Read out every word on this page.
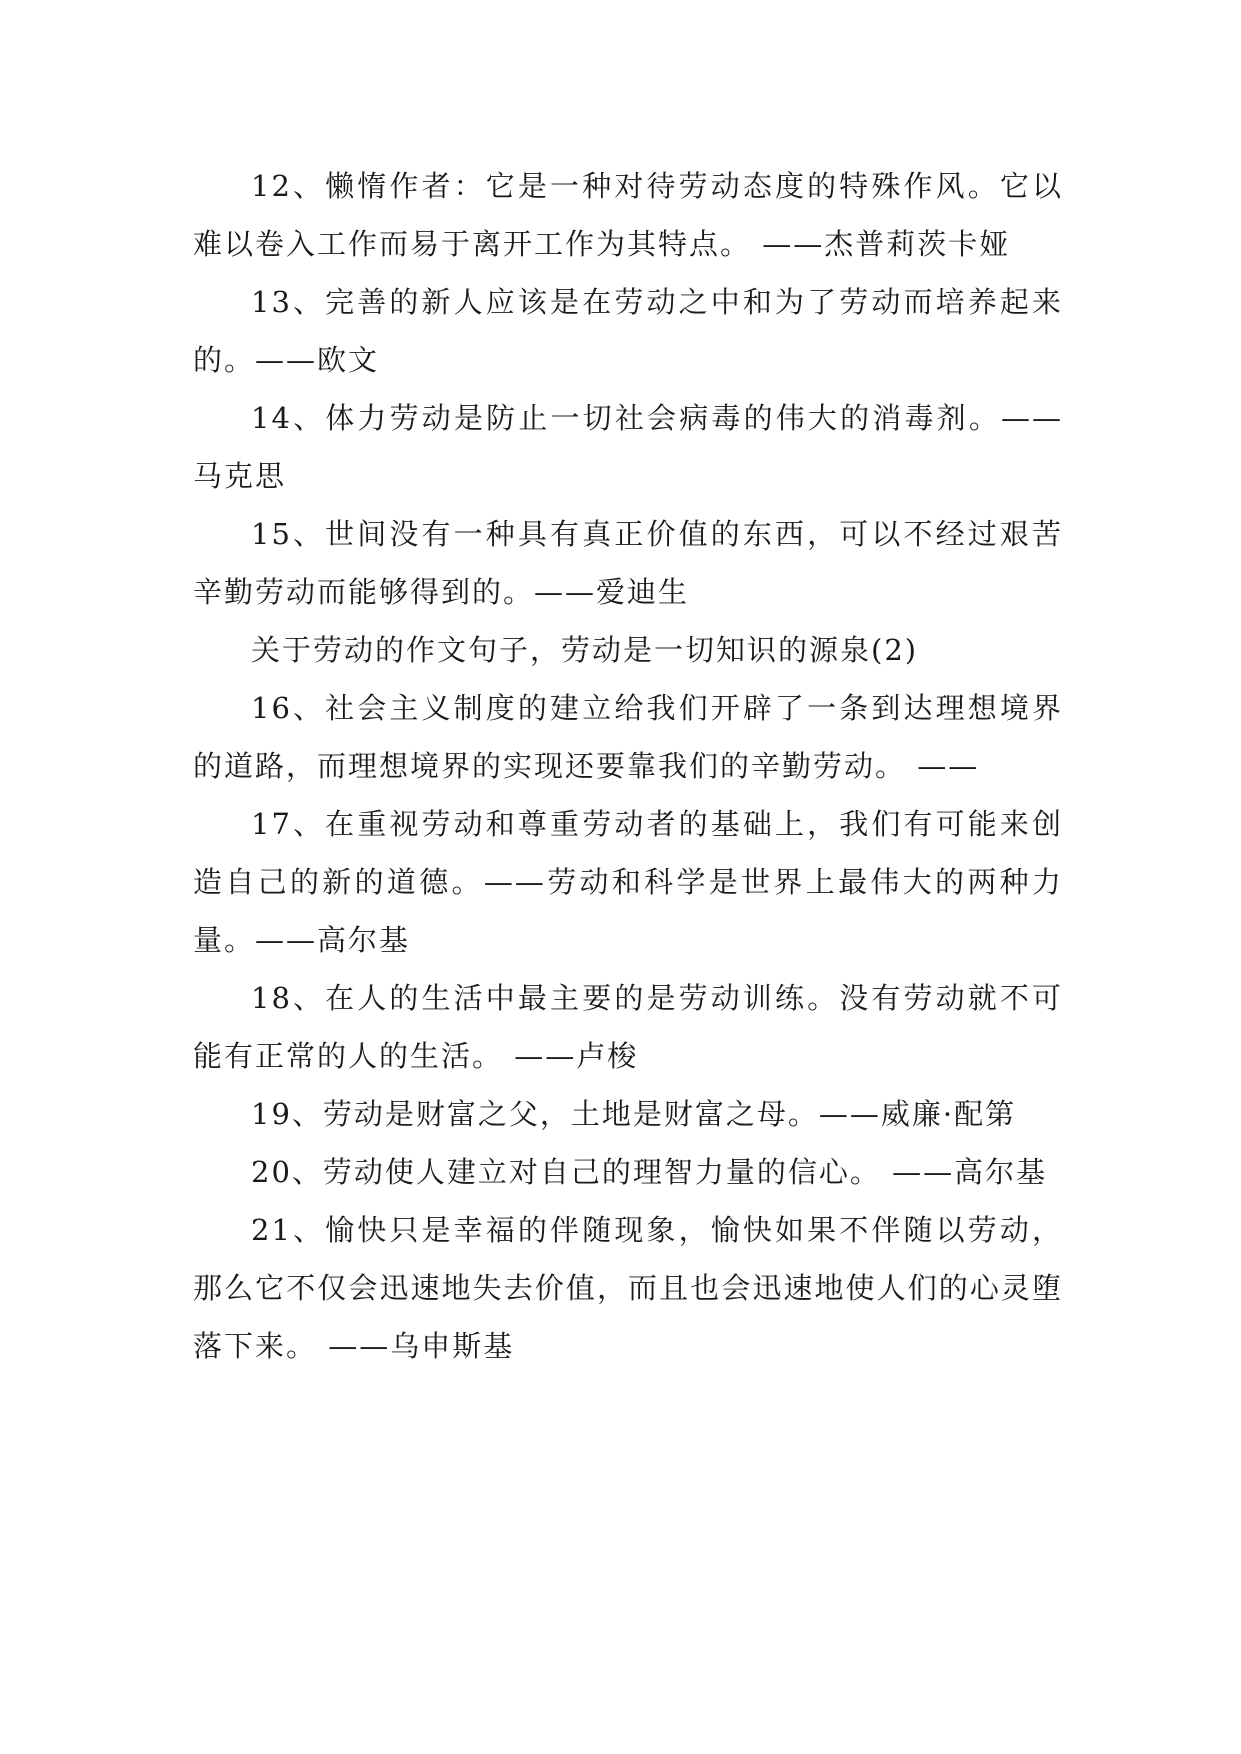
12、懒惰作者：它是一种对待劳动态度的特殊作风。它以难以卷入工作而易于离开工作为其特点。 ——杰普莉茨卡娅

13、完善的新人应该是在劳动之中和为了劳动而培养起来的。——欧文

14、体力劳动是防止一切社会病毒的伟大的消毒剂。——马克思

15、世间没有一种具有真正价值的东西，可以不经过艰苦辛勤劳动而能够得到的。——爱迪生

关于劳动的作文句子，劳动是一切知识的源泉(2)

16、社会主义制度的建立给我们开辟了一条到达理想境界的道路，而理想境界的实现还要靠我们的辛勤劳动。 ——

17、在重视劳动和尊重劳动者的基础上，我们有可能来创造自己的新的道德。——劳动和科学是世界上最伟大的两种力量。——高尔基

18、在人的生活中最主要的是劳动训练。没有劳动就不可能有正常的人的生活。 ——卢梭

19、劳动是财富之父，土地是财富之母。——威廉·配第

20、劳动使人建立对自己的理智力量的信心。 ——高尔基

21、愉快只是幸福的伴随现象，愉快如果不伴随以劳动，那么它不仅会迅速地失去价值，而且也会迅速地使人们的心灵堕落下来。 ——乌申斯基
